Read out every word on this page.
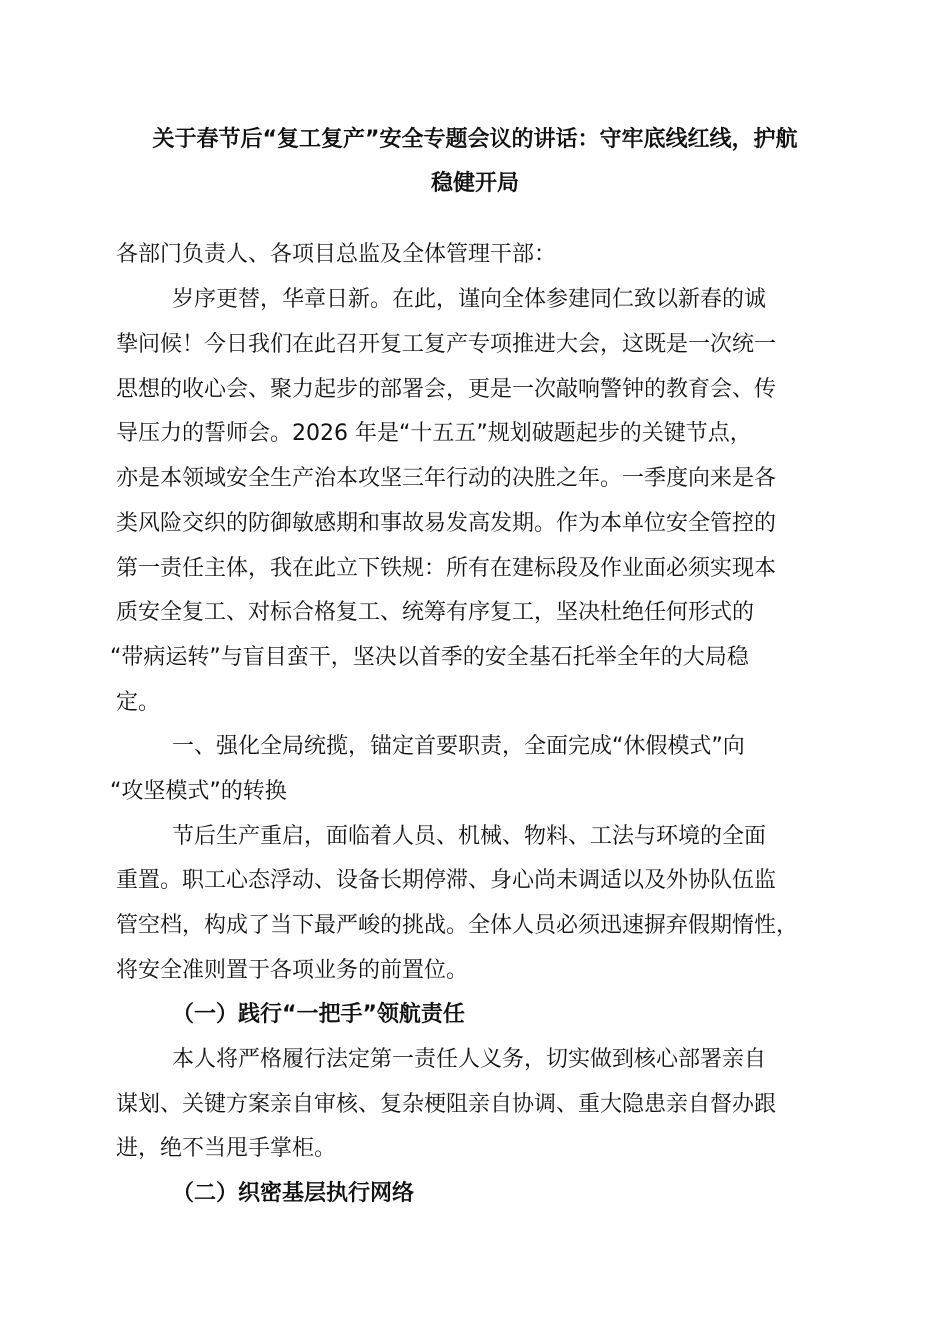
关于春节后“复工复产”安全专题会议的讲话：守牢底线红线，护航
稳健开局

各部门负责人、各项目总监及全体管理干部：

岁序更替，华章日新。在此，谨向全体参建同仁致以新春的诚

挚问候！今日我们在此召开复工复产专项推进大会，这既是一次统一

思想的收心会、聚力起步的部署会，更是一次敲响警钟的教育会、传

导压力的誓师会。2026 年是“十五五”规划破题起步的关键节点，

亦是本领域安全生产治本攻坚三年行动的决胜之年。一季度向来是各

类风险交织的防御敏感期和事故易发高发期。作为本单位安全管控的

第一责任主体，我在此立下铁规：所有在建标段及作业面必须实现本

质安全复工、对标合格复工、统筹有序复工，坚决杜绝任何形式的

“带病运转”与盲目蛮干，坚决以首季的安全基石托举全年的大局稳

定。

一、强化全局统揽，锚定首要职责，全面完成“休假模式”向

“攻坚模式”的转换

节后生产重启，面临着人员、机械、物料、工法与环境的全面

重置。职工心态浮动、设备长期停滞、身心尚未调适以及外协队伍监

管空档，构成了当下最严峻的挑战。全体人员必须迅速摒弃假期惰性，

将安全准则置于各项业务的前置位。

（一）践行“一把手”领航责任

本人将严格履行法定第一责任人义务，切实做到核心部署亲自

谋划、关键方案亲自审核、复杂梗阻亲自协调、重大隐患亲自督办跟

进，绝不当甩手掌柜。

（二）织密基层执行网络
